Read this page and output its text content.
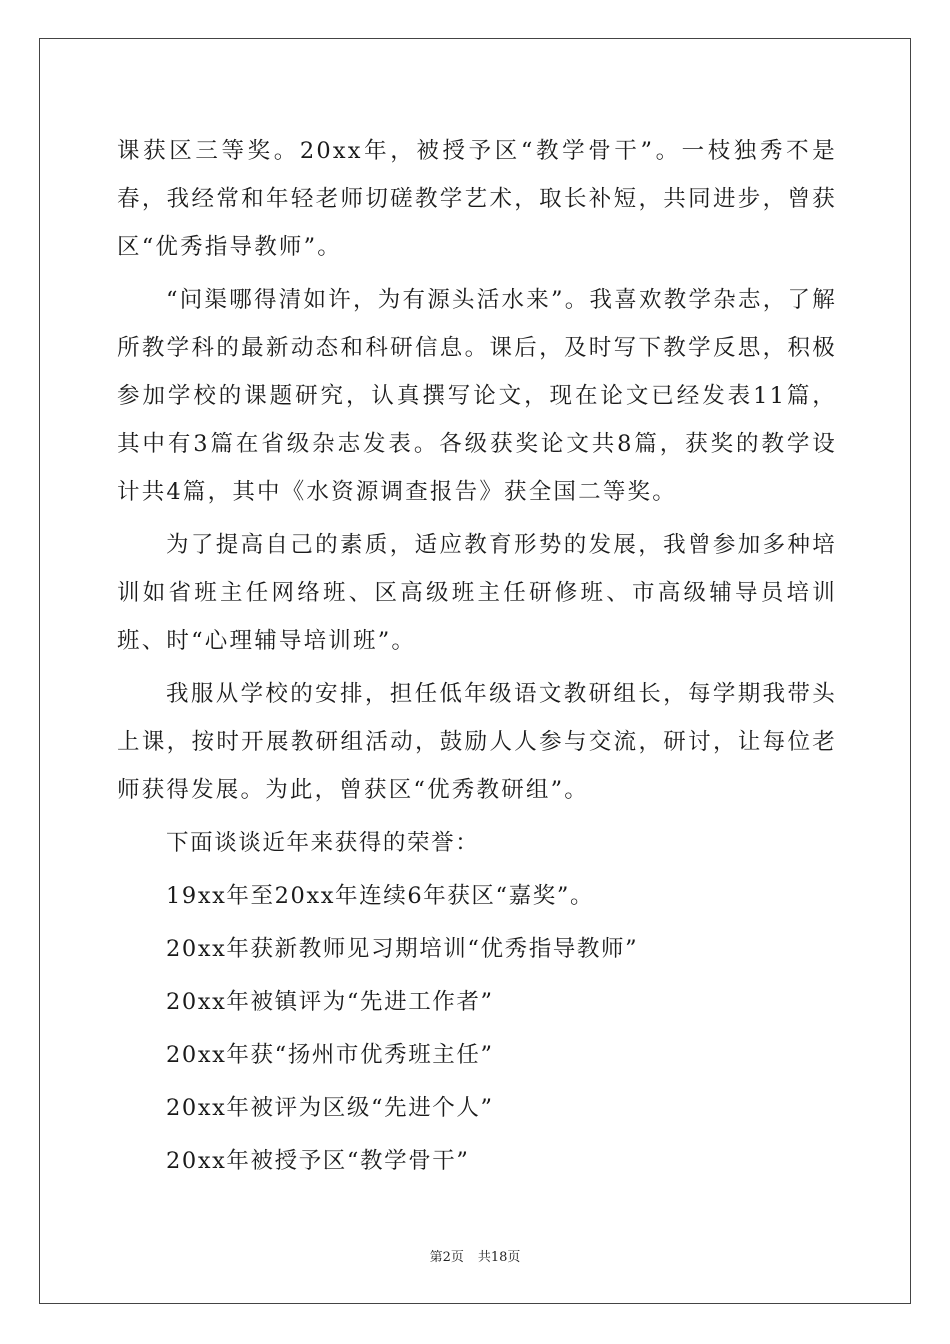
课获区三等奖。20xx年，被授予区“教学骨干”。一枝独秀不是春，我经常和年轻老师切磋教学艺术，取长补短，共同进步，曾获区“优秀指导教师”。

“问渠哪得清如许，为有源头活水来”。我喜欢教学杂志，了解所教学科的最新动态和科研信息。课后，及时写下教学反思，积极参加学校的课题研究，认真撰写论文，现在论文已经发表11篇，其中有3篇在省级杂志发表。各级获奖论文共8篇，获奖的教学设计共4篇，其中《水资源调查报告》获全国二等奖。

为了提高自己的素质，适应教育形势的发展，我曾参加多种培训如省班主任网络班、区高级班主任研修班、市高级辅导员培训班、时“心理辅导培训班”。

我服从学校的安排，担任低年级语文教研组长，每学期我带头上课，按时开展教研组活动，鼓励人人参与交流，研讨，让每位老师获得发展。为此，曾获区“优秀教研组”。

下面谈谈近年来获得的荣誉：

19xx年至20xx年连续6年获区“嘉奖”。

20xx年获新教师见习期培训“优秀指导教师”

20xx年被镇评为“先进工作者”

20xx年获“扬州市优秀班主任”

20xx年被评为区级“先进个人”

20xx年被授予区“教学骨干”

第2页 共18页
